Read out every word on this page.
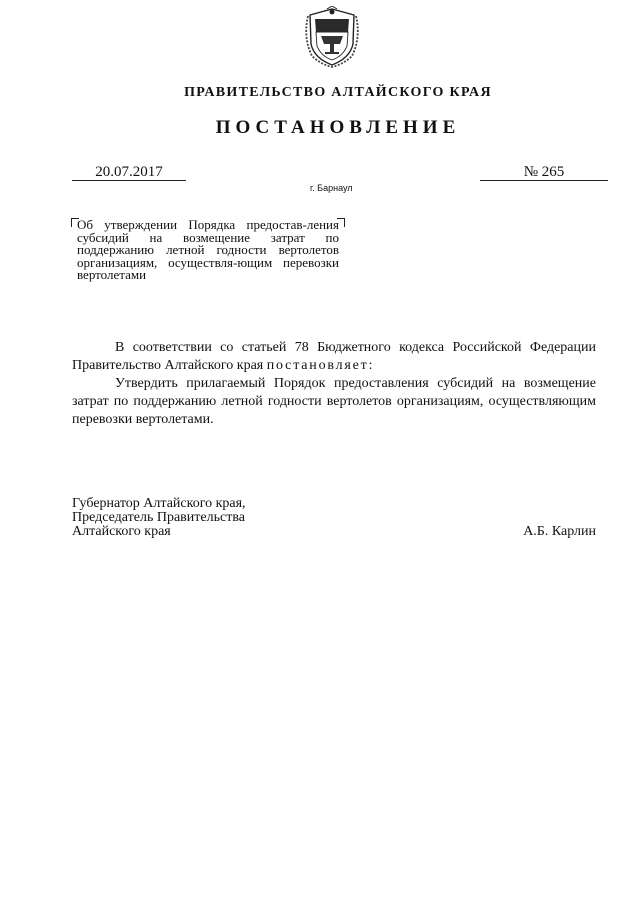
ПРАВИТЕЛЬСТВО АЛТАЙСКОГО КРАЯ
ПОСТАНОВЛЕНИЕ
20.07.2017	№ 265
г. Барнаул
Об утверждении Порядка предостав-ления субсидий на возмещение затрат по поддержанию летной годности вертолетов организациям, осуществля-ющим перевозки вертолетами

В соответствии со статьей 78 Бюджетного кодекса Российской Федерации Правительство Алтайского края постановляет:

Утвердить прилагаемый Порядок предоставления субсидий на возмещение затрат по поддержанию летной годности вертолетов организациям, осуществляющим перевозки вертолетами.

Губернатор Алтайского края,
Председатель Правительства
Алтайского края	А.Б. Карлин
